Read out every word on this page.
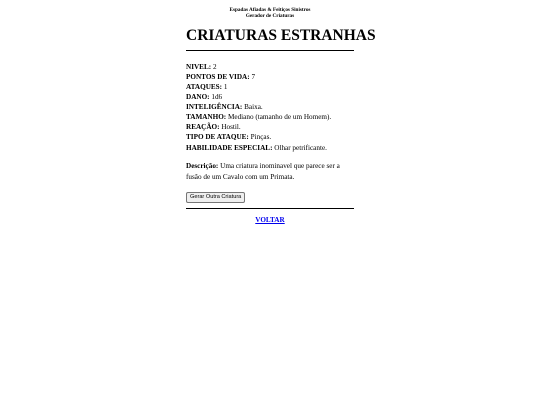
Espadas Afiadas & Feitiços Sinistros
Gerador de Criaturas
CRIATURAS ESTRANHAS
NIVEL: 2
PONTOS DE VIDA: 7
ATAQUES: 1
DANO: 1d6
INTELIGÊNCIA: Baixa.
TAMANHO: Mediano (tamanho de um Homem).
REAÇÃO: Hostil.
TIPO DE ATAQUE: Pinças.
HABILIDADE ESPECIAL: Olhar petrificante.
Descrição: Uma criatura inominavel que parece ser a fusão de um Cavalo com um Primata.
Gerar Outra Criatura
VOLTAR
